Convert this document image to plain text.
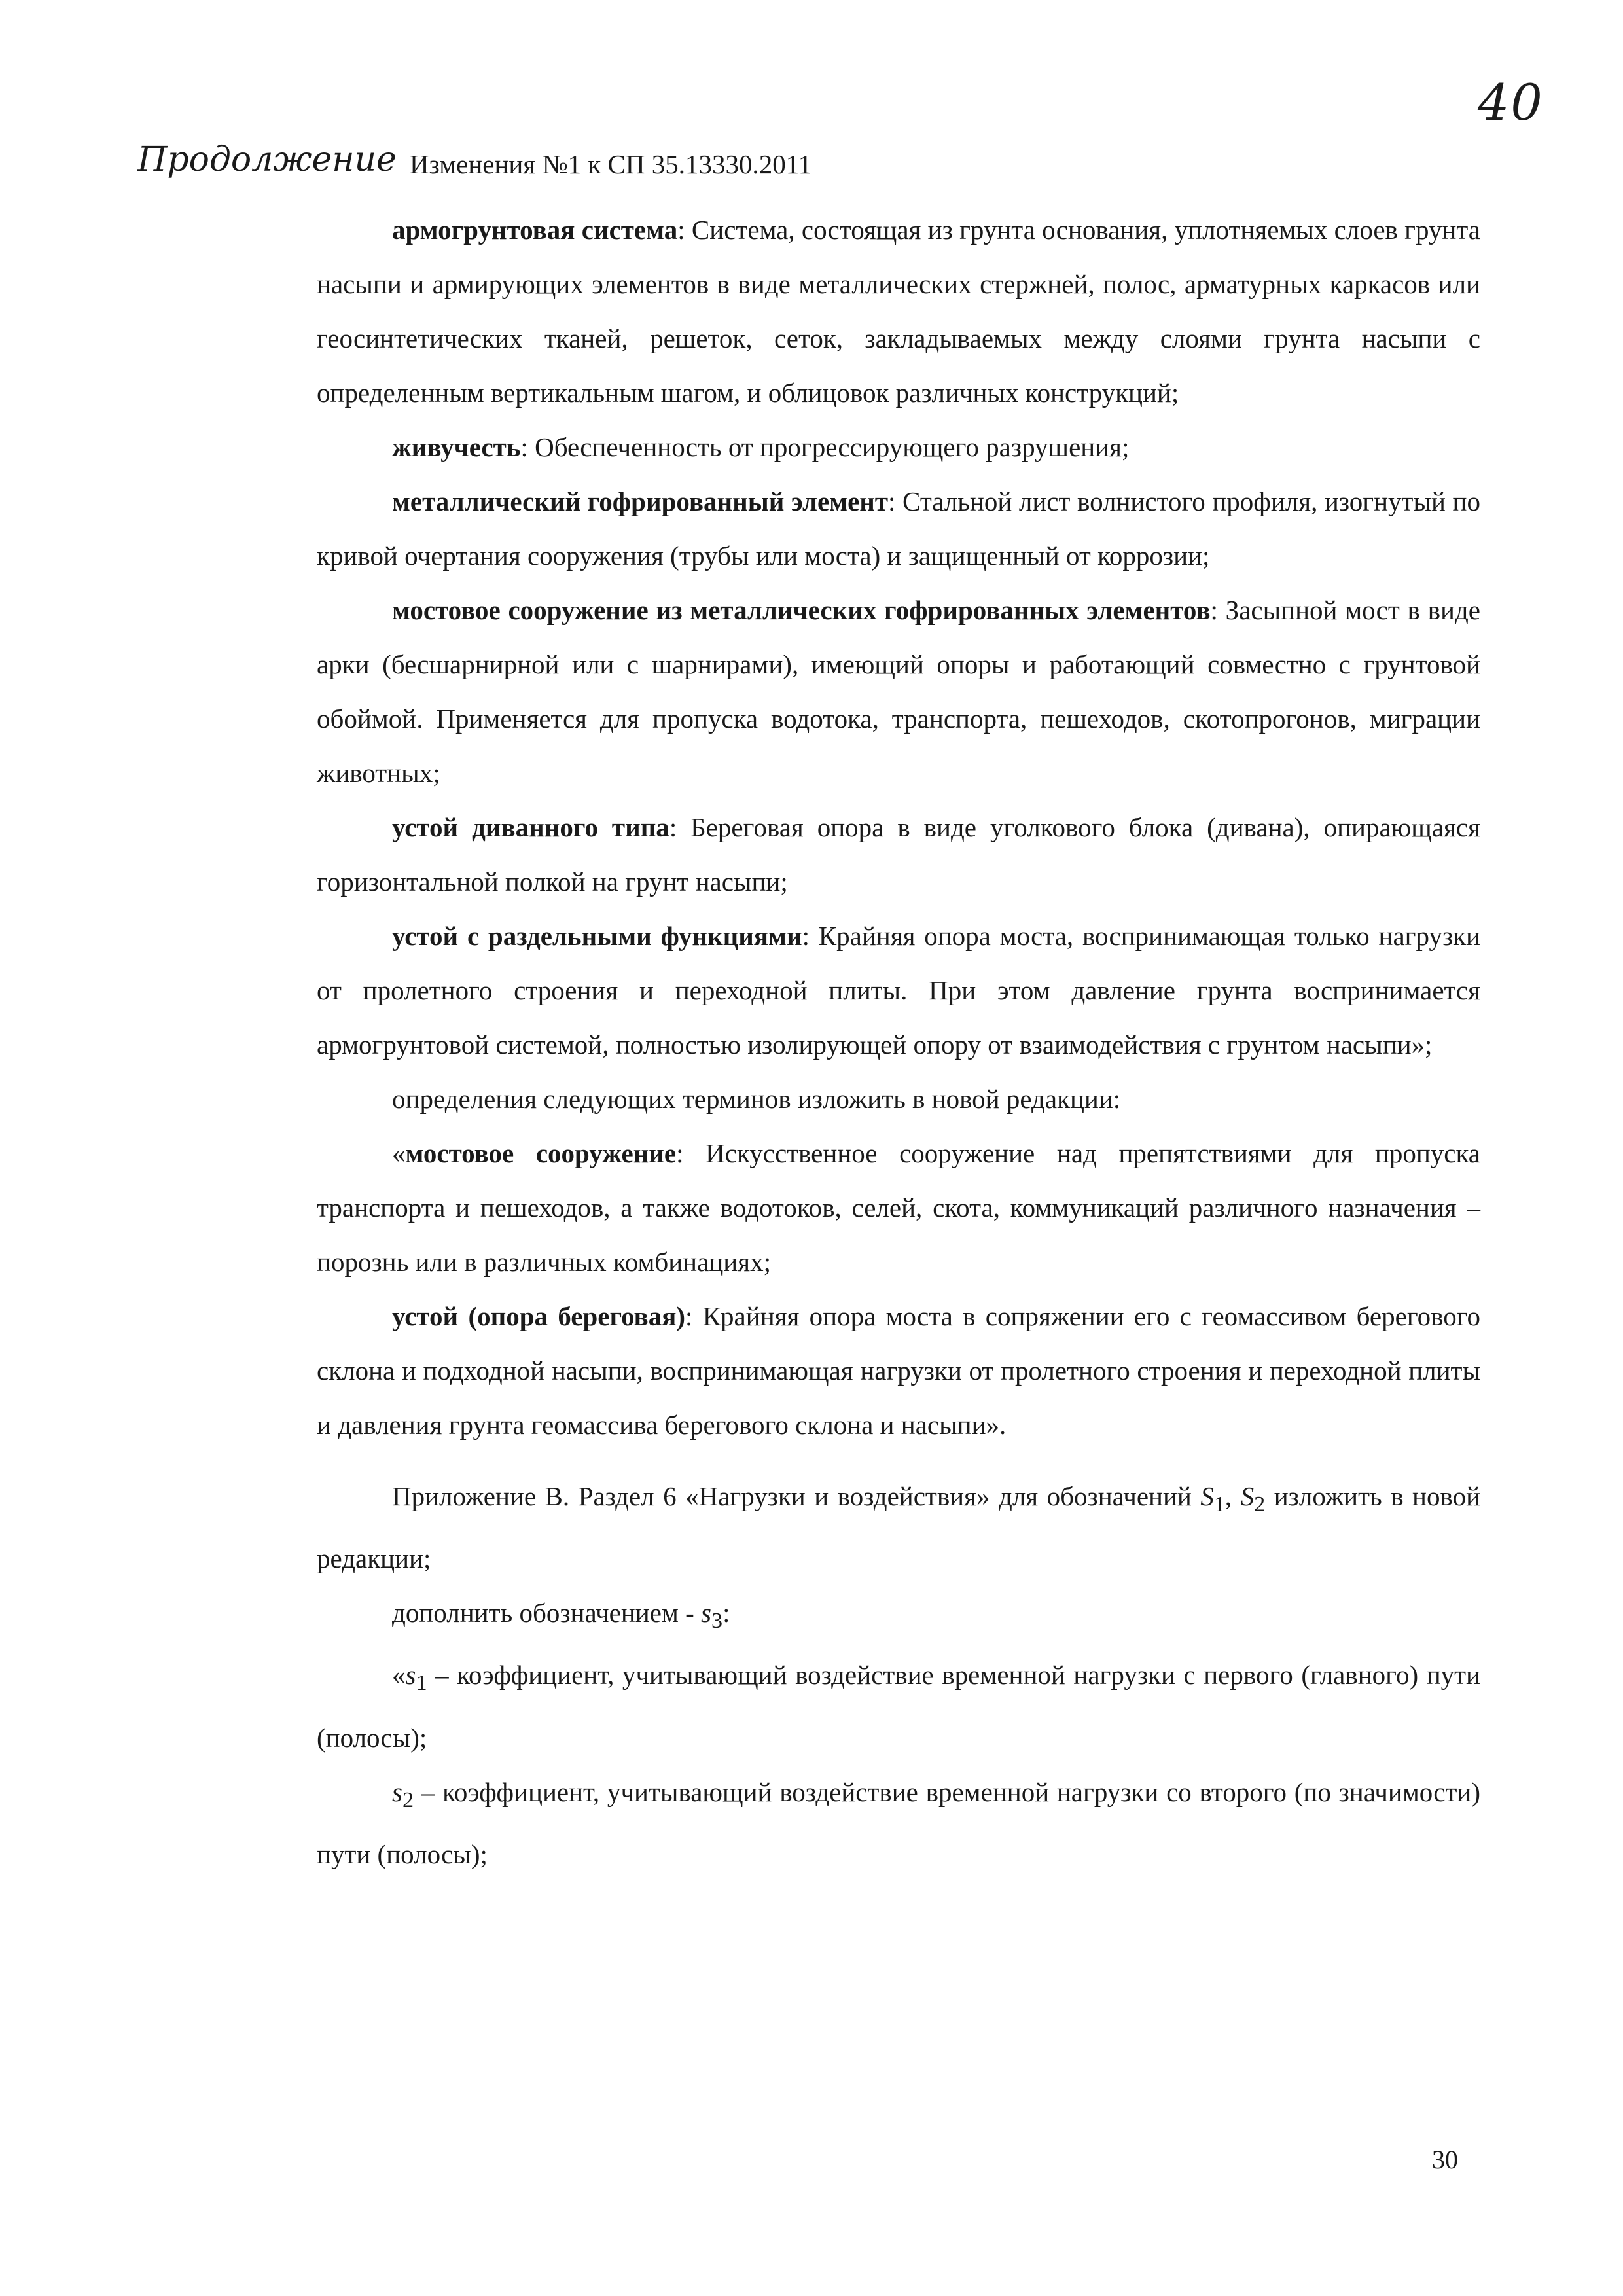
40
Продолжение Изменения №1 к СП 35.13330.2011

армогрунтовая система: Система, состоящая из грунта основания, уплотняемых слоев грунта насыпи и армирующих элементов в виде металлических стержней, полос, арматурных каркасов или геосинтетических тканей, решеток, сеток, закладываемых между слоями грунта насыпи с определенным вертикальным шагом, и облицовок различных конструкций;

живучесть: Обеспеченность от прогрессирующего разрушения;

металлический гофрированный элемент: Стальной лист волнистого профиля, изогнутый по кривой очертания сооружения (трубы или моста) и защищенный от коррозии;

мостовое сооружение из металлических гофрированных элементов: Засыпной мост в виде арки (бесшарнирной или с шарнирами), имеющий опоры и работающий совместно с грунтовой обоймой. Применяется для пропуска водотока, транспорта, пешеходов, скотопрогонов, миграции животных;

устой диванного типа: Береговая опора в виде уголкового блока (дивана), опирающаяся горизонтальной полкой на грунт насыпи;

устой с раздельными функциями: Крайняя опора моста, воспринимающая только нагрузки от пролетного строения и переходной плиты. При этом давление грунта воспринимается армогрунтовой системой, полностью изолирующей опору от взаимодействия с грунтом насыпи»;

определения следующих терминов изложить в новой редакции:

«мостовое сооружение: Искусственное сооружение над препятствиями для пропуска транспорта и пешеходов, а также водотоков, селей, скота, коммуникаций различного назначения – порознь или в различных комбинациях;

устой (опора береговая): Крайняя опора моста в сопряжении его с геомассивом берегового склона и подходной насыпи, воспринимающая нагрузки от пролетного строения и переходной плиты и давления грунта геомассива берегового склона и насыпи».

Приложение В. Раздел 6 «Нагрузки и воздействия» для обозначений $S_1$, $S_2$ изложить в новой редакции;

дополнить обозначением - $s_3$:

«$s_1$ – коэффициент, учитывающий воздействие временной нагрузки с первого (главного) пути (полосы);

$s_2$ – коэффициент, учитывающий воздействие временной нагрузки со второго (по значимости) пути (полосы);

30
